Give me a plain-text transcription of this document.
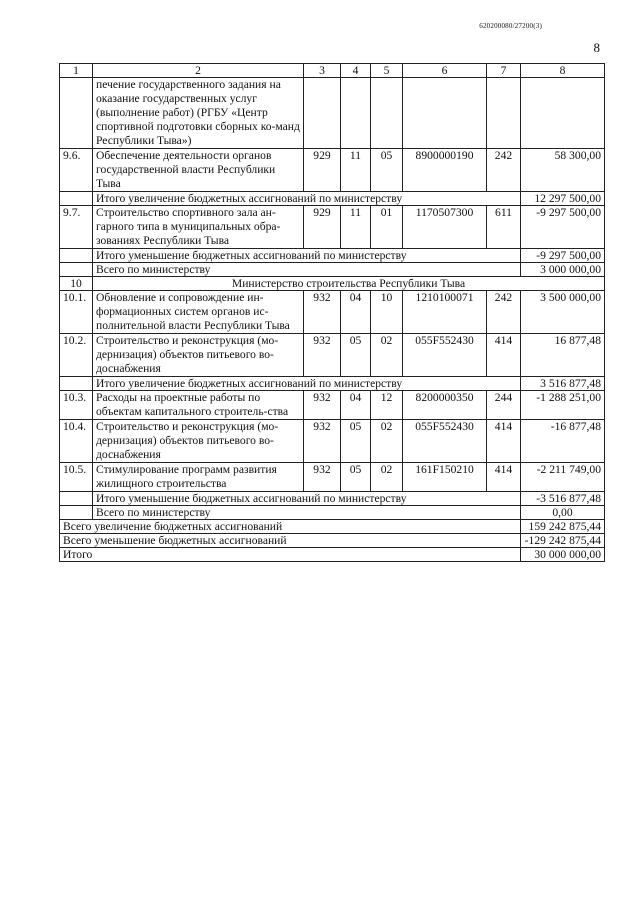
620200080/27200(3)
8
1	2	3	4	5	6	7	8
	печение государственного задания на оказание государственных услуг (выполнение работ) (РГБУ «Центр спортивной подготовки сборных ко-манд Республики Тыва»)						
9.6.	Обеспечение деятельности органов государственной власти Республики Тыва	929	11	05	8900000190	242	58 300,00
	Итого увеличение бюджетных ассигнований по министерству						12 297 500,00
9.7.	Строительство спортивного зала ан-гарного типа в муниципальных обра-зованиях Республики Тыва	929	11	01	1170507300	611	-9 297 500,00
	Итого уменьшение бюджетных ассигнований по министерству						-9 297 500,00
	Всего по министерству						3 000 000,00
10	Министерство строительства Республики Тыва						
10.1.	Обновление и сопровождение ин-формационных систем органов ис-полнительной власти Республики Тыва	932	04	10	1210100071	242	3 500 000,00
10.2.	Строительство и реконструкция (мо-дернизация) объектов питьевого во-доснабжения	932	05	02	055F552430	414	16 877,48
	Итого увеличение бюджетных ассигнований по министерству						3 516 877,48
10.3.	Расходы на проектные работы по объектам капитального строитель-ства	932	04	12	8200000350	244	-1 288 251,00
10.4.	Строительство и реконструкция (мо-дернизация) объектов питьевого во-доснабжения	932	05	02	055F552430	414	-16 877,48
10.5.	Стимулирование программ развития жилищного строительства	932	05	02	161F150210	414	-2 211 749,00
	Итого уменьшение бюджетных ассигнований по министерству						-3 516 877,48
	Всего по министерству						0,00
Всего увеличение бюджетных ассигнований							159 242 875,44
Всего уменьшение бюджетных ассигнований							-129 242 875,44
Итого							30 000 000,00
